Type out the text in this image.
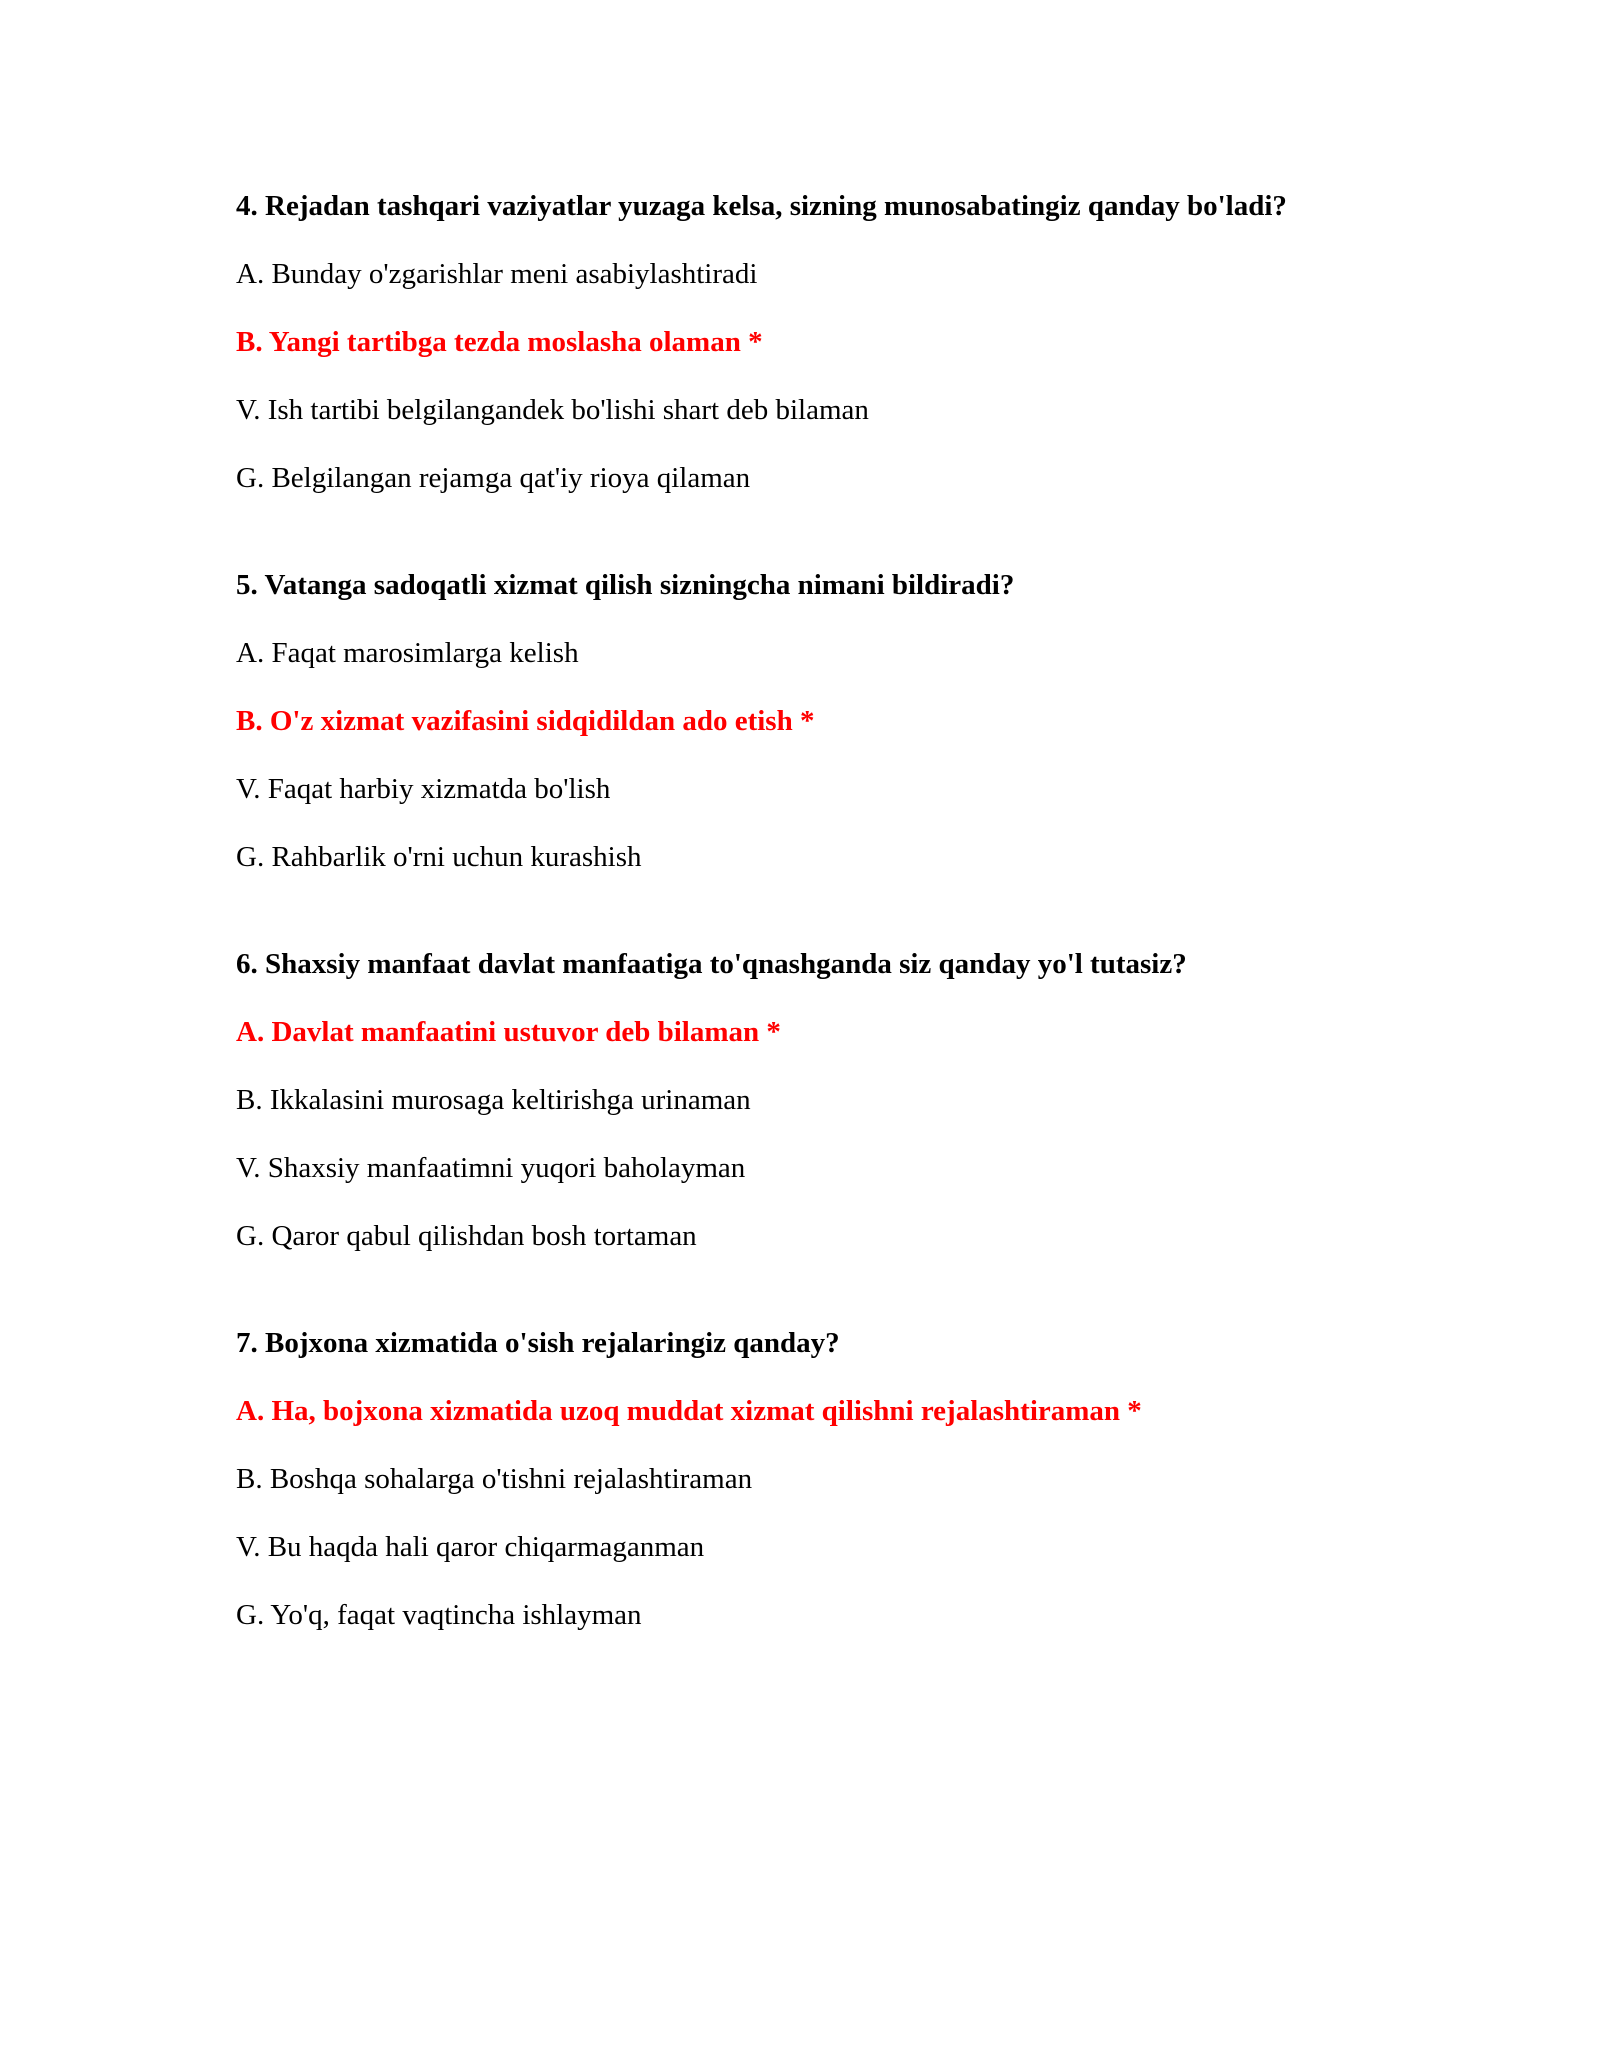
4. Rejadan tashqari vaziyatlar yuzaga kelsa, sizning munosabatingiz qanday bo'ladi?

A. Bunday o'zgarishlar meni asabiylashtiradi

B. Yangi tartibga tezda moslasha olaman *

V. Ish tartibi belgilangandek bo'lishi shart deb bilaman

G. Belgilangan rejamga qat'iy rioya qilaman

5. Vatanga sadoqatli xizmat qilish sizningcha nimani bildiradi?

A. Faqat marosimlarga kelish

B. O'z xizmat vazifasini sidqidildan ado etish *

V. Faqat harbiy xizmatda bo'lish

G. Rahbarlik o'rni uchun kurashish

6. Shaxsiy manfaat davlat manfaatiga to'qnashganda siz qanday yo'l tutasiz?

A. Davlat manfaatini ustuvor deb bilaman *

B. Ikkalasini murosaga keltirishga urinaman

V. Shaxsiy manfaatimni yuqori baholayman

G. Qaror qabul qilishdan bosh tortaman

7. Bojxona xizmatida o'sish rejalaringiz qanday?

A. Ha, bojxona xizmatida uzoq muddat xizmat qilishni rejalashtiraman *

B. Boshqa sohalarga o'tishni rejalashtiraman

V. Bu haqda hali qaror chiqarmaganman

G. Yo'q, faqat vaqtincha ishlayman
